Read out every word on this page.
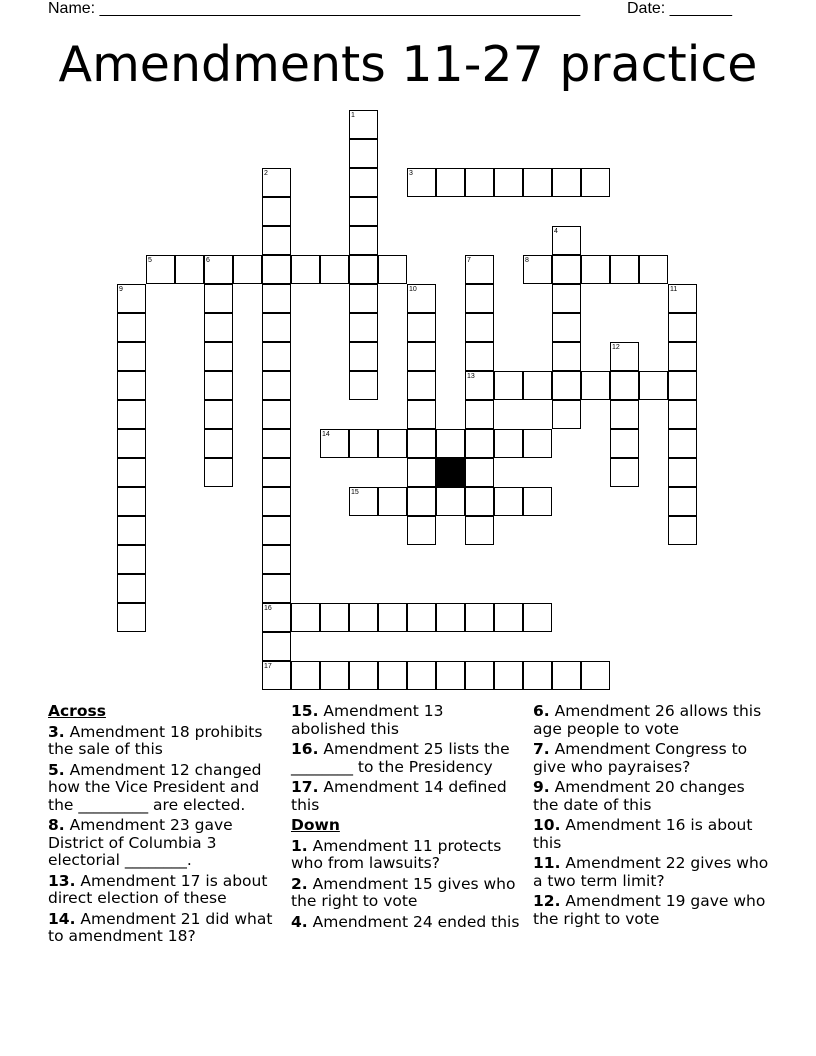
Name: ______________________________________________________	Date: _______
Amendments 11-27 practice
1
2	3
4
5	6	7	8
9	10	11
12
13
14
15
16
17
Across
3. Amendment 18 prohibits the sale of this
5. Amendment 12 changed how the Vice President and the _________ are elected.
8. Amendment 23 gave District of Columbia 3 electorial ________.
13. Amendment 17 is about direct election of these
14. Amendment 21 did what to amendment 18?
15. Amendment 13 abolished this
16. Amendment 25 lists the ________ to the Presidency
17. Amendment 14 defined this
Down
1. Amendment 11 protects who from lawsuits?
2. Amendment 15 gives who the right to vote
4. Amendment 24 ended this
6. Amendment 26 allows this age people to vote
7. Amendment Congress to give who payraises?
9. Amendment 20 changes the date of this
10. Amendment 16 is about this
11. Amendment 22 gives who a two term limit?
12. Amendment 19 gave who the right to vote
